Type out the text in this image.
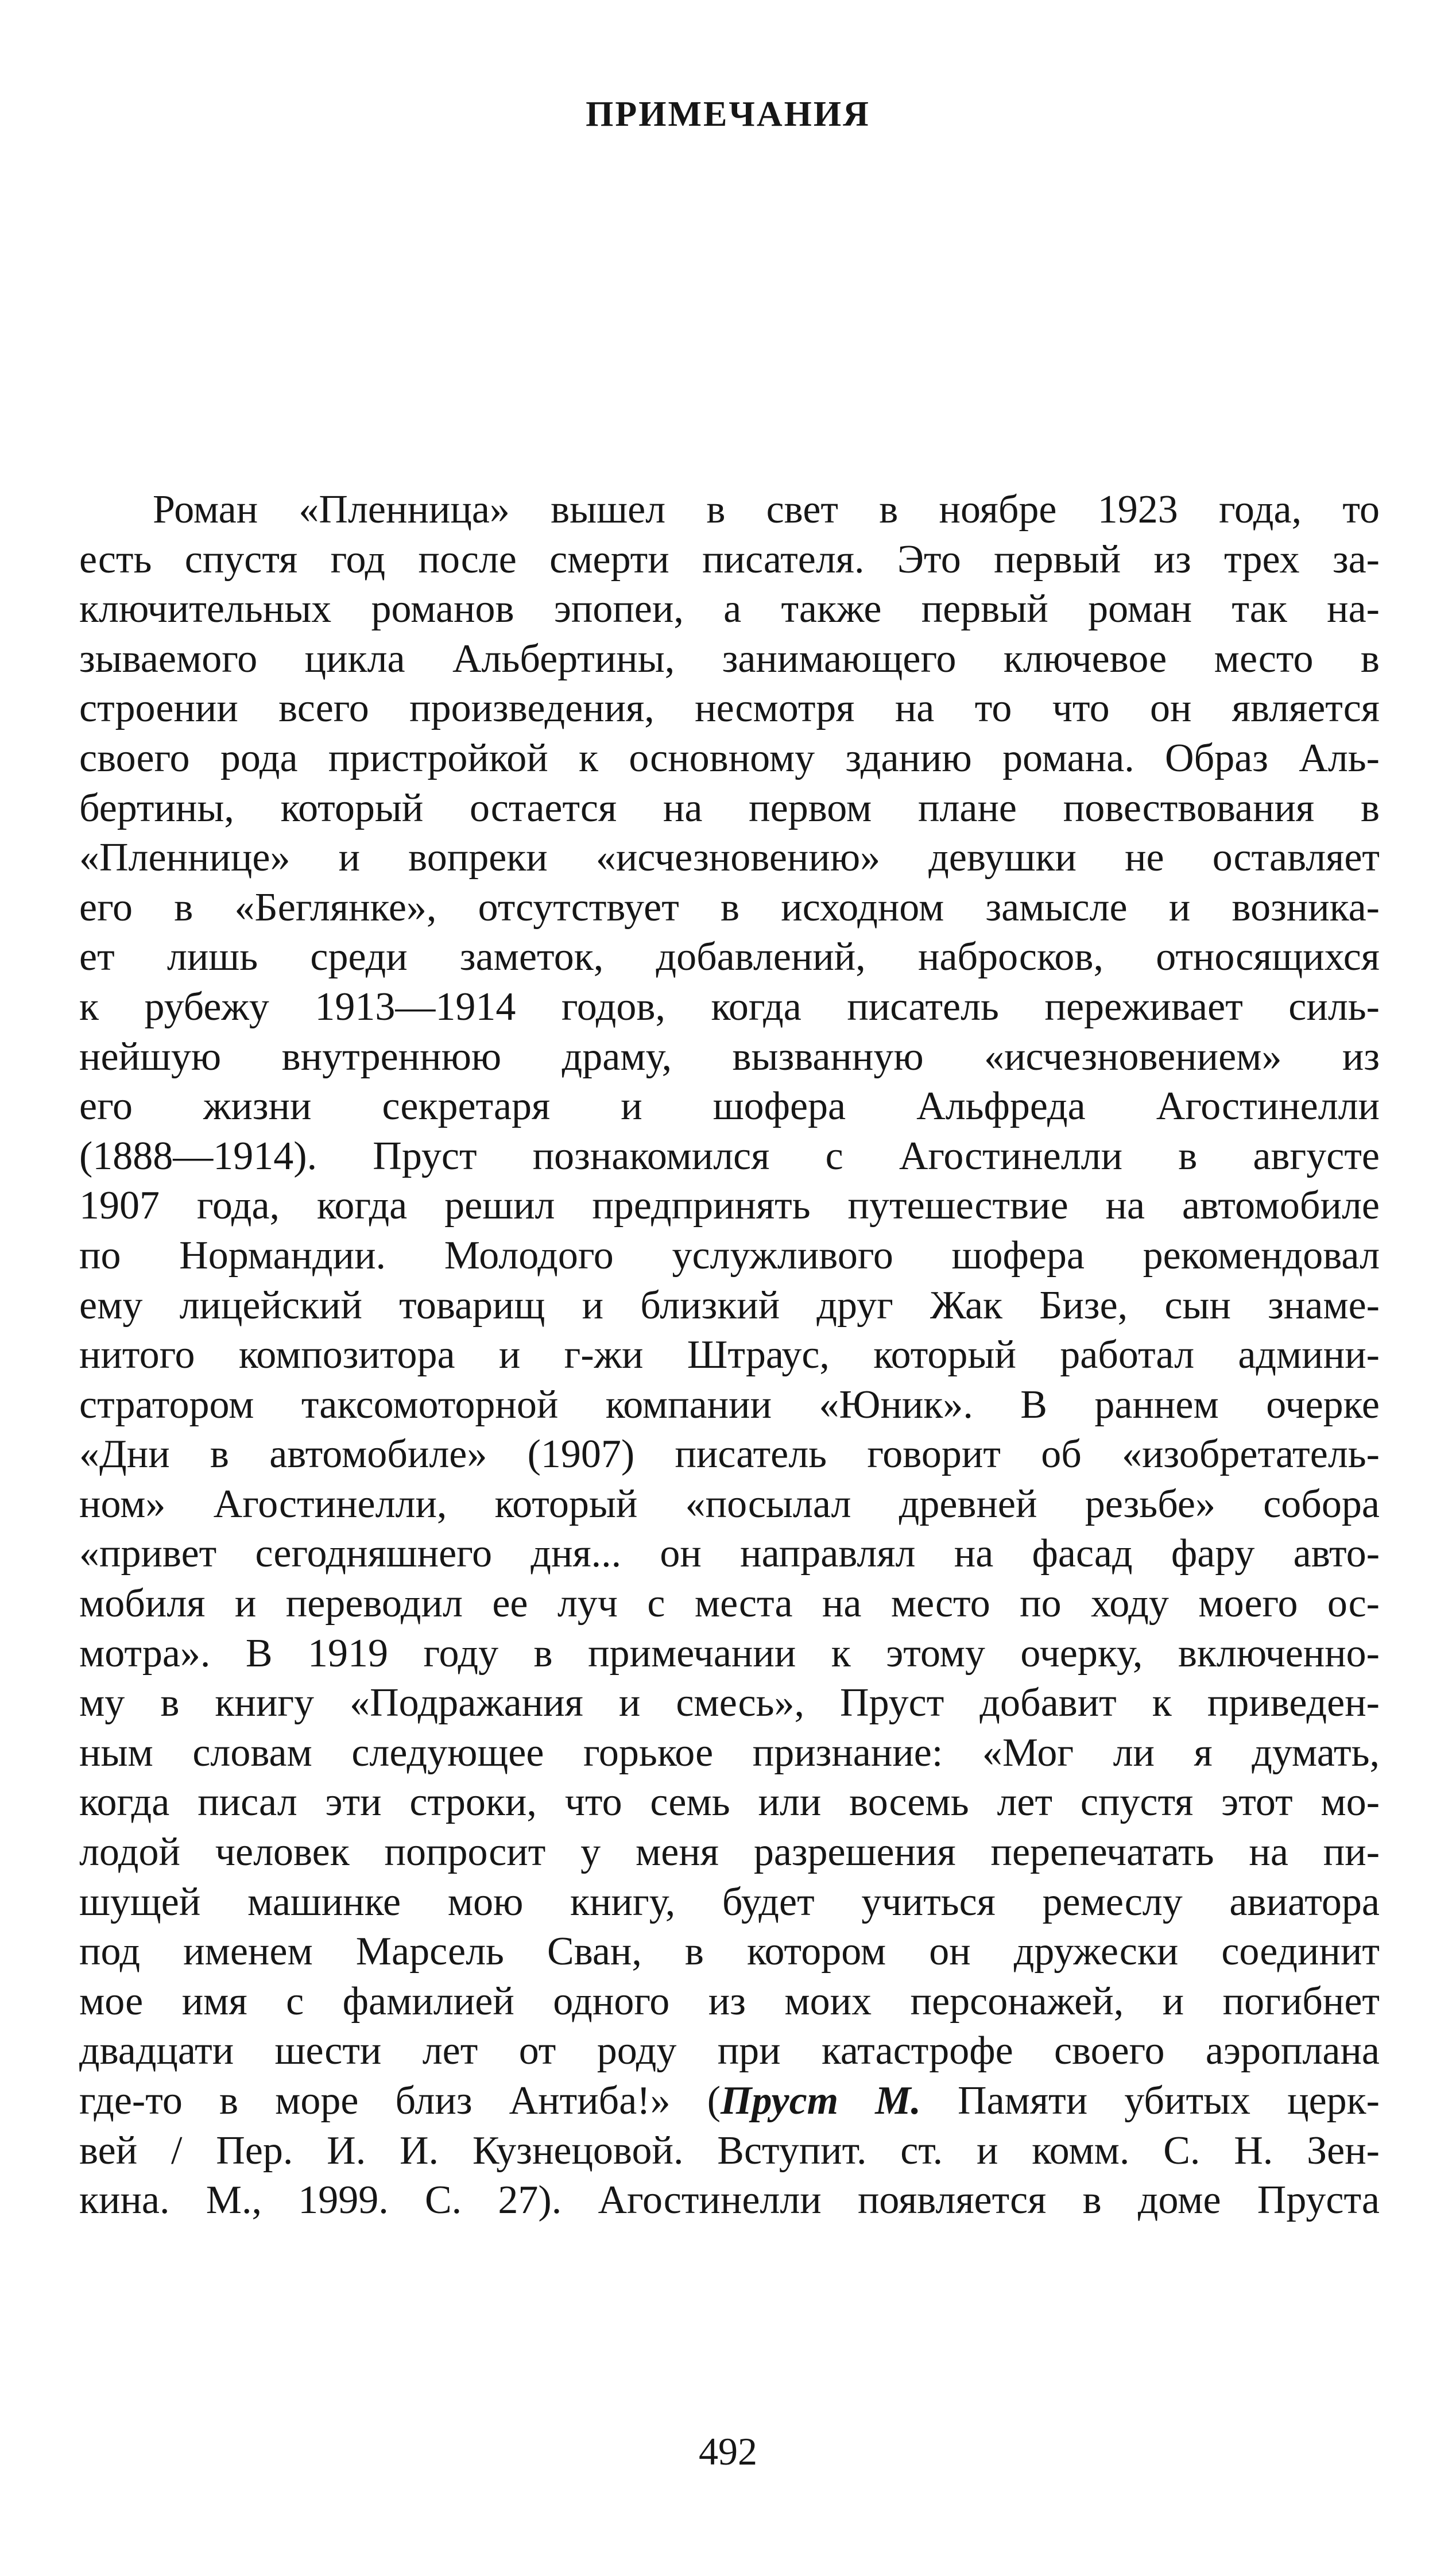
ПРИМЕЧАНИЯ
Роман «Пленница» вышел в свет в ноябре 1923 года, то
есть спустя год после смерти писателя. Это первый из трех за-
ключительных романов эпопеи, а также первый роман так на-
зываемого цикла Альбертины, занимающего ключевое место в
строении всего произведения, несмотря на то что он является
своего рода пристройкой к основному зданию романа. Образ Аль-
бертины, который остается на первом плане повествования в
«Пленнице» и вопреки «исчезновению» девушки не оставляет
его в «Беглянке», отсутствует в исходном замысле и возника-
ет лишь среди заметок, добавлений, набросков, относящихся
к рубежу 1913—1914 годов, когда писатель переживает силь-
нейшую внутреннюю драму, вызванную «исчезновением» из
его жизни секретаря и шофера Альфреда Агостинелли
(1888—1914). Пруст познакомился с Агостинелли в августе
1907 года, когда решил предпринять путешествие на автомобиле
по Нормандии. Молодого услужливого шофера рекомендовал
ему лицейский товарищ и близкий друг Жак Бизе, сын знаме-
нитого композитора и г-жи Штраус, который работал админи-
стратором таксомоторной компании «Юник». В раннем очерке
«Дни в автомобиле» (1907) писатель говорит об «изобретатель-
ном» Агостинелли, который «посылал древней резьбе» собора
«привет сегодняшнего дня... он направлял на фасад фару авто-
мобиля и переводил ее луч с места на место по ходу моего ос-
мотра». В 1919 году в примечании к этому очерку, включенно-
му в книгу «Подражания и смесь», Пруст добавит к приведен-
ным словам следующее горькое признание: «Мог ли я думать,
когда писал эти строки, что семь или восемь лет спустя этот мо-
лодой человек попросит у меня разрешения перепечатать на пи-
шущей машинке мою книгу, будет учиться ремеслу авиатора
под именем Марсель Сван, в котором он дружески соединит
мое имя с фамилией одного из моих персонажей, и погибнет
двадцати шести лет от роду при катастрофе своего аэроплана
где-то в море близ Антиба!» (Пруст М. Памяти убитых церк-
вей / Пер. И. И. Кузнецовой. Вступит. ст. и комм. С. Н. Зен-
кина. М., 1999. С. 27). Агостинелли появляется в доме Пруста
492
